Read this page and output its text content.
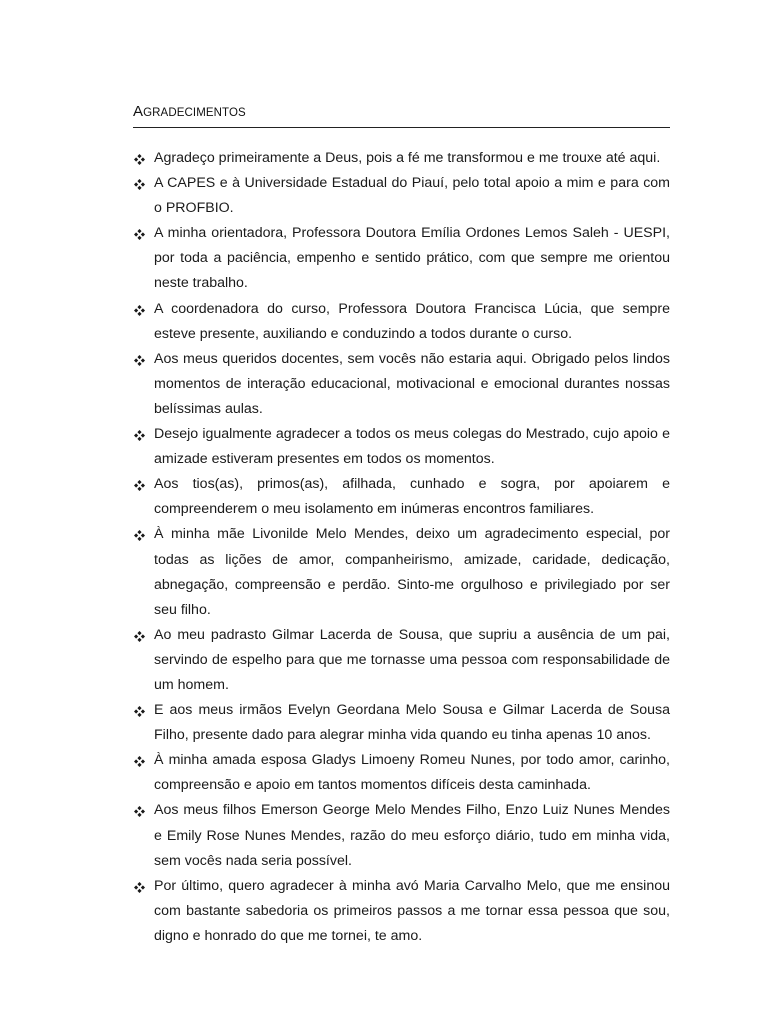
AGRADECIMENTOS
Agradeço primeiramente a Deus, pois a fé me transformou e me trouxe até aqui.
A CAPES e à Universidade Estadual do Piauí, pelo total apoio a mim e para com o PROFBIO.
A minha orientadora, Professora Doutora Emília Ordones Lemos Saleh - UESPI, por toda a paciência, empenho e sentido prático, com que sempre me orientou neste trabalho.
A coordenadora do curso, Professora Doutora Francisca Lúcia, que sempre esteve presente, auxiliando e conduzindo a todos durante o curso.
Aos meus queridos docentes, sem vocês não estaria aqui. Obrigado pelos lindos momentos de interação educacional, motivacional e emocional durantes nossas belíssimas aulas.
Desejo igualmente agradecer a todos os meus colegas do Mestrado, cujo apoio e amizade estiveram presentes em todos os momentos.
Aos tios(as), primos(as), afilhada, cunhado e sogra, por apoiarem e compreenderem o meu isolamento em inúmeras encontros familiares.
À minha mãe Livonilde Melo Mendes, deixo um agradecimento especial, por todas as lições de amor, companheirismo, amizade, caridade, dedicação, abnegação, compreensão e perdão. Sinto-me orgulhoso e privilegiado por ser seu filho.
Ao meu padrasto Gilmar Lacerda de Sousa, que supriu a ausência de um pai, servindo de espelho para que me tornasse uma pessoa com responsabilidade de um homem.
E aos meus irmãos Evelyn Geordana Melo Sousa e Gilmar Lacerda de Sousa Filho, presente dado para alegrar minha vida quando eu tinha apenas 10 anos.
À minha amada esposa Gladys Limoeny Romeu Nunes, por todo amor, carinho, compreensão e apoio em tantos momentos difíceis desta caminhada.
Aos meus filhos Emerson George Melo Mendes Filho, Enzo Luiz Nunes Mendes e Emily Rose Nunes Mendes, razão do meu esforço diário, tudo em minha vida, sem vocês nada seria possível.
Por último, quero agradecer à minha avó Maria Carvalho Melo, que me ensinou com bastante sabedoria os primeiros passos a me tornar essa pessoa que sou, digno e honrado do que me tornei, te amo.
